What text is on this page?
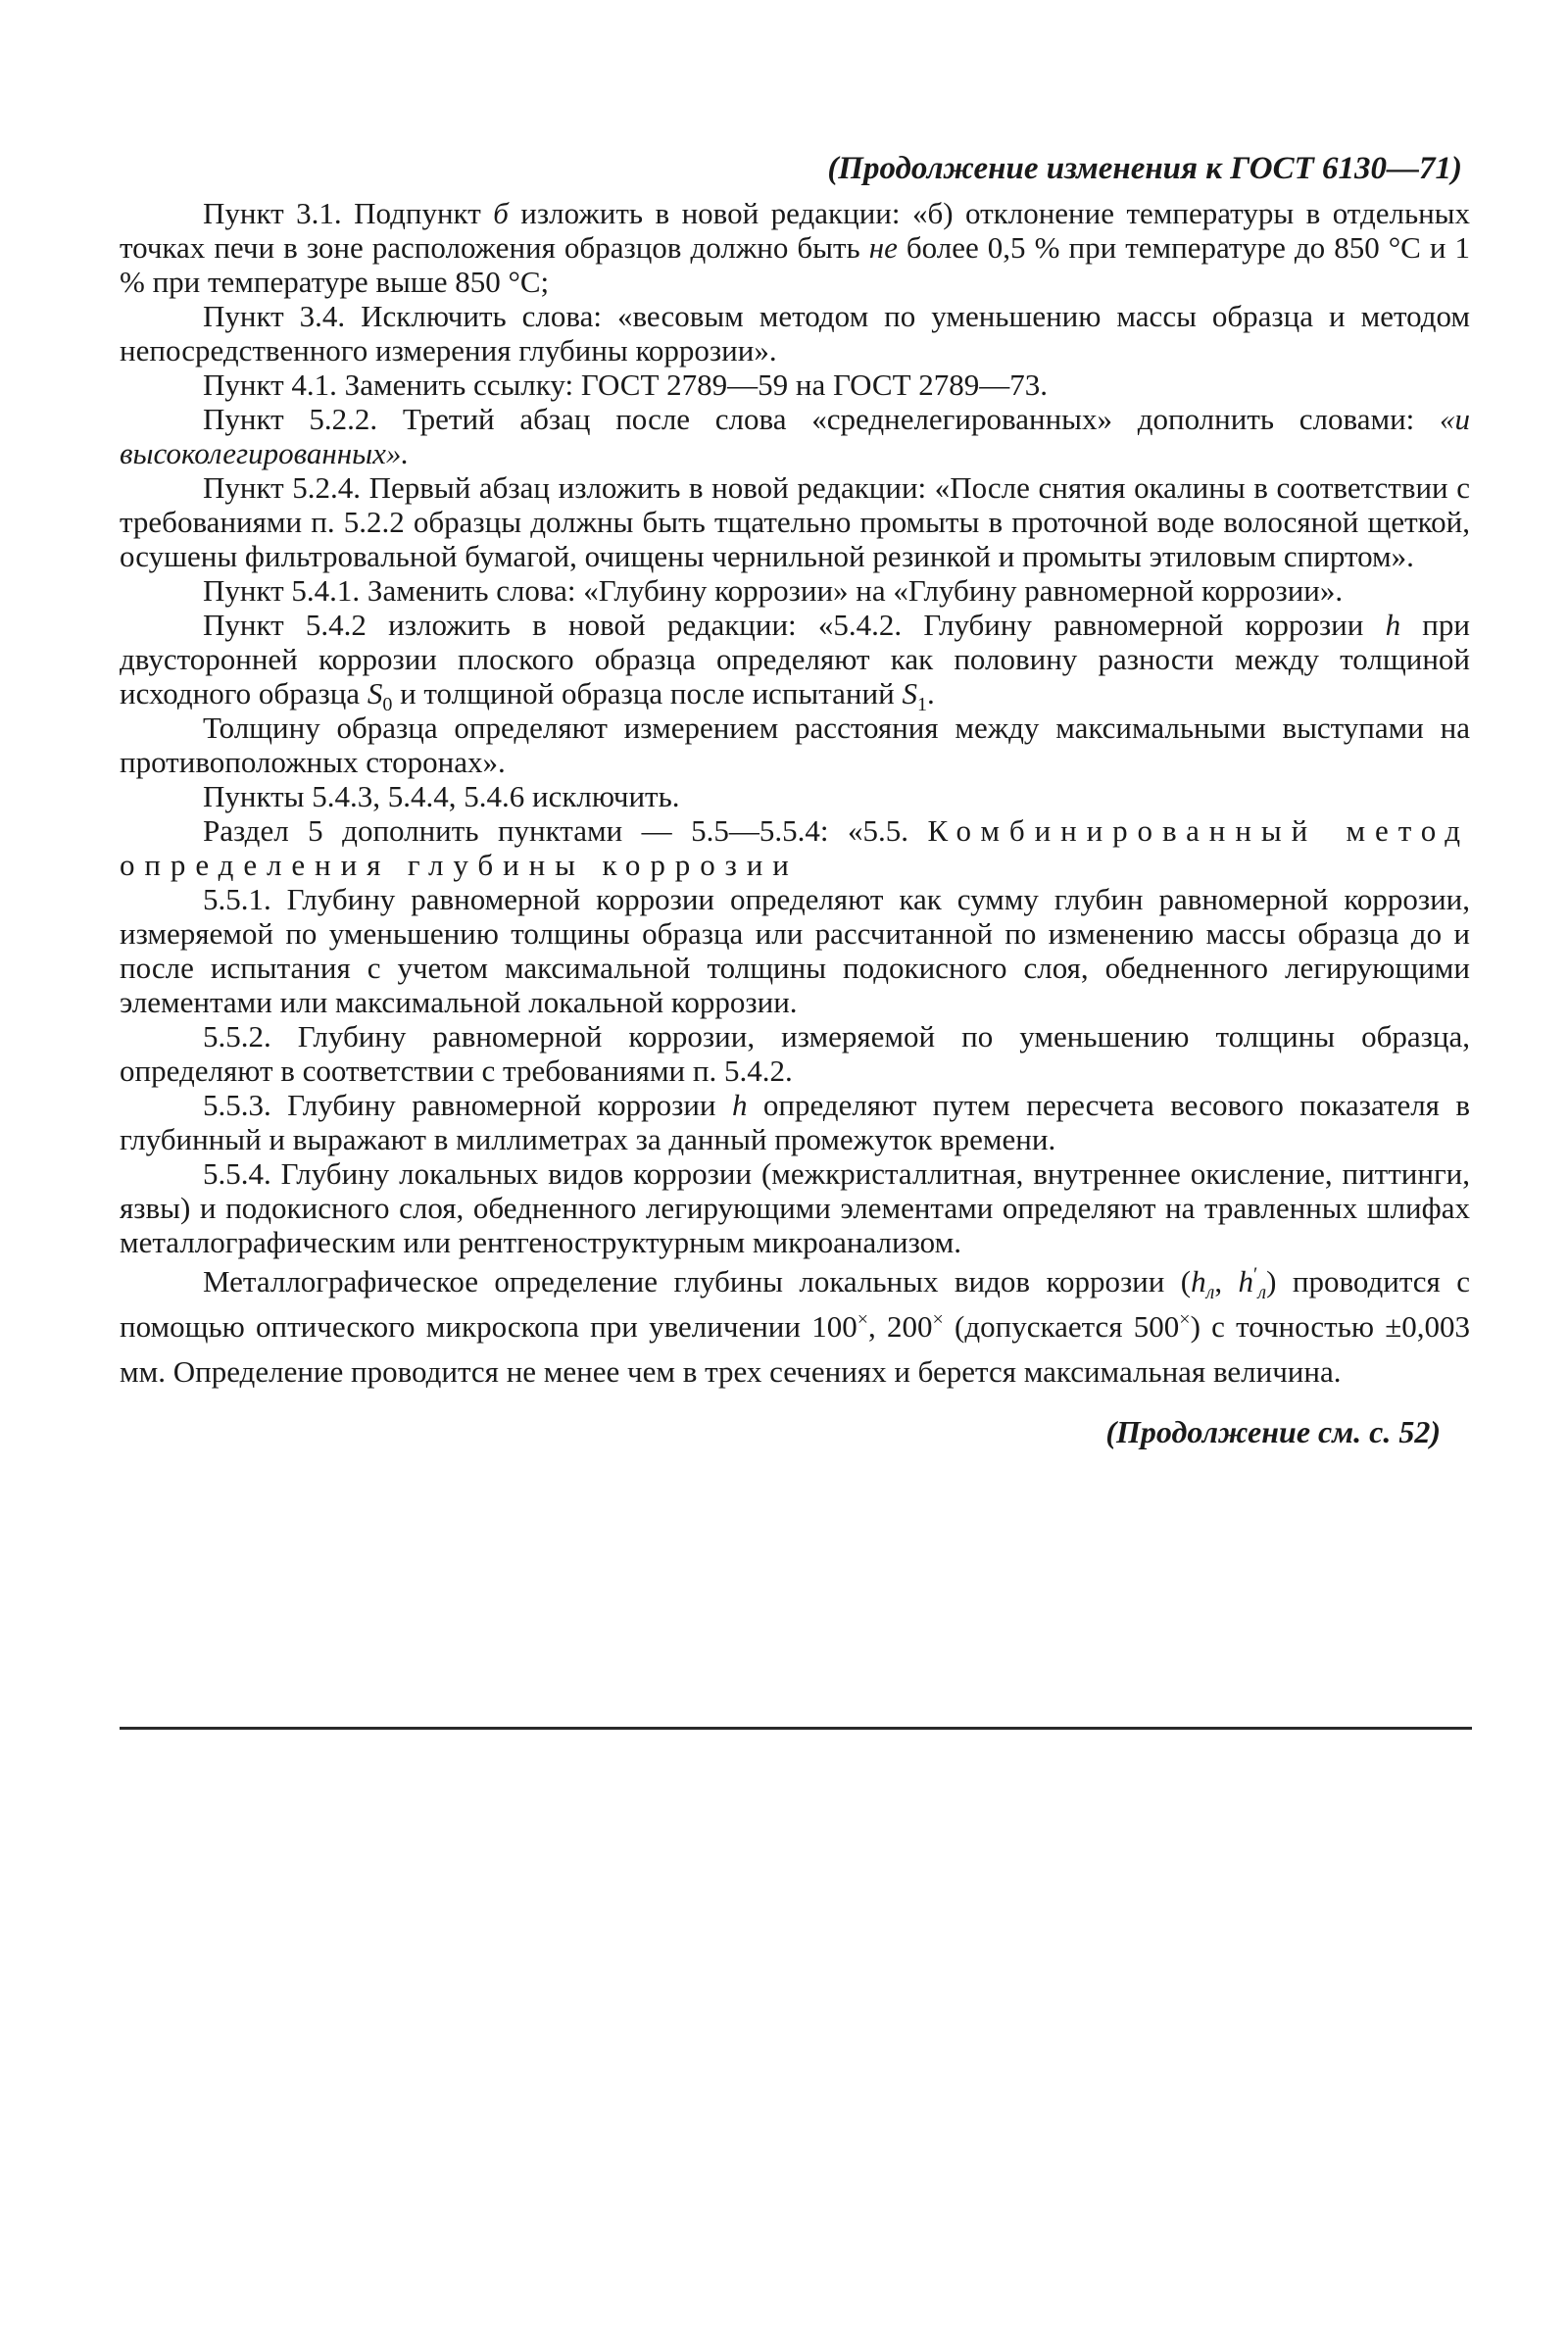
(Продолжение изменения к ГОСТ 6130—71)

Пункт 3.1. Подпункт б изложить в новой редакции: «б) отклонение температуры в отдельных точках печи в зоне расположения образцов должно быть не более 0,5 % при температуре до 850 °С и 1 % при температуре выше 850 °С;

Пункт 3.4. Исключить слова: «весовым методом по уменьшению массы образца и методом непосредственного измерения глубины коррозии».

Пункт 4.1. Заменить ссылку: ГОСТ 2789—59 на ГОСТ 2789—73.

Пункт 5.2.2. Третий абзац после слова «среднелегированных» дополнить словами: «и высоколегированных».

Пункт 5.2.4. Первый абзац изложить в новой редакции: «После снятия окалины в соответствии с требованиями п. 5.2.2 образцы должны быть тщательно промыты в проточной воде волосяной щеткой, осушены фильтровальной бумагой, очищены чернильной резинкой и промыты этиловым спиртом».

Пункт 5.4.1. Заменить слова: «Глубину коррозии» на «Глубину равномерной коррозии».

Пункт 5.4.2 изложить в новой редакции: «5.4.2. Глубину равномерной коррозии h при двусторонней коррозии плоского образца определяют как половину разности между толщиной исходного образца $S_0$ и толщиной образца после испытаний $S_1$.

Толщину образца определяют измерением расстояния между максимальными выступами на противоположных сторонах».

Пункты 5.4.3, 5.4.4, 5.4.6 исключить.

Раздел 5 дополнить пунктами — 5.5—5.5.4: «5.5. Комбинированный метод определения глубины коррозии

5.5.1. Глубину равномерной коррозии определяют как сумму глубин равномерной коррозии, измеряемой по уменьшению толщины образца или рассчитанной по изменению массы образца до и после испытания с учетом максимальной толщины подокисного слоя, обедненного легирующими элементами или максимальной локальной коррозии.

5.5.2. Глубину равномерной коррозии, измеряемой по уменьшению толщины образца, определяют в соответствии с требованиями п. 5.4.2.

5.5.3. Глубину равномерной коррозии h определяют путем пересчета весового показателя в глубинный и выражают в миллиметрах за данный промежуток времени.

5.5.4. Глубину локальных видов коррозии (межкристаллитная, внутреннее окисление, питтинги, язвы) и подокисного слоя, обедненного легирующими элементами определяют на травленных шлифах металлографическим или рентгеноструктурным микроанализом.

Металлографическое определение глубины локальных видов коррозии ($h_л$, $h'_л$) проводится с помощью оптического микроскопа при увеличении 100×, 200× (допускается 500×) с точностью ±0,003 мм. Определение проводится не менее чем в трех сечениях и берется максимальная величина.

(Продолжение см. с. 52)
